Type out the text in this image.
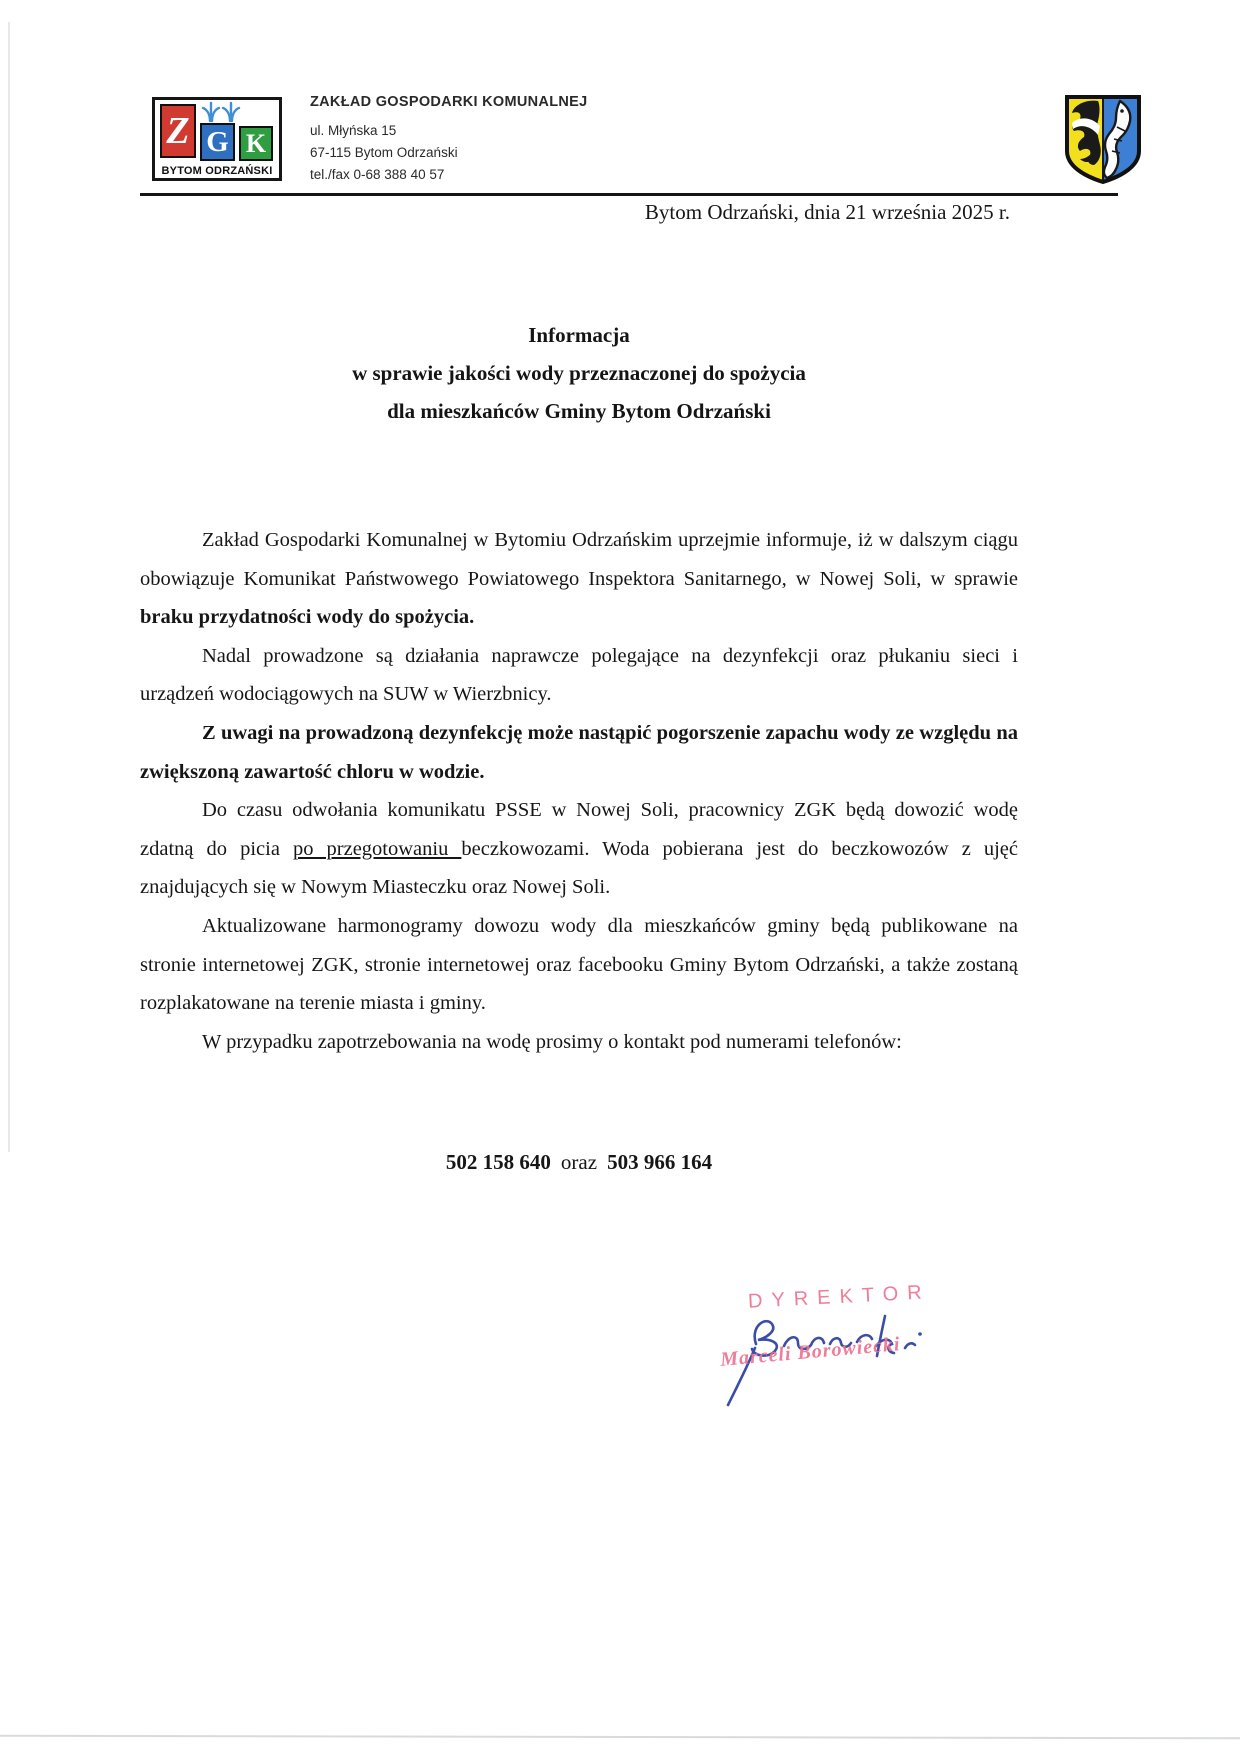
Z G K
BYTOM ODRZAŃSKI
ZAKŁAD GOSPODARKI KOMUNALNEJ
ul. Młyńska 15
67-115 Bytom Odrzański
tel./fax 0-68 388 40 57
Bytom Odrzański, dnia 21 września 2025 r.
Informacja
w sprawie jakości wody przeznaczonej do spożycia
dla mieszkańców Gminy Bytom Odrzański

Zakład Gospodarki Komunalnej w Bytomiu Odrzańskim uprzejmie informuje, iż w dalszym ciągu obowiązuje Komunikat Państwowego Powiatowego Inspektora Sanitarnego, w Nowej Soli, w sprawie braku przydatności wody do spożycia.

Nadal prowadzone są działania naprawcze polegające na dezynfekcji oraz płukaniu sieci i urządzeń wodociągowych na SUW w Wierzbnicy.

Z uwagi na prowadzoną dezynfekcję może nastąpić pogorszenie zapachu wody ze względu na zwiększoną zawartość chloru w wodzie.

Do czasu odwołania komunikatu PSSE w Nowej Soli, pracownicy ZGK będą dowozić wodę zdatną do picia po przegotowaniu beczkowozami. Woda pobierana jest do beczkowozów z ujęć znajdujących się w Nowym Miasteczku oraz Nowej Soli.

Aktualizowane harmonogramy dowozu wody dla mieszkańców gminy będą publikowane na stronie internetowej ZGK, stronie internetowej oraz facebooku Gminy Bytom Odrzański, a także zostaną rozplakatowane na terenie miasta i gminy.

W przypadku zapotrzebowania na wodę prosimy o kontakt pod numerami telefonów:

502 158 640 oraz 503 966 164
DYREKTOR
Marceli Borowiecki
